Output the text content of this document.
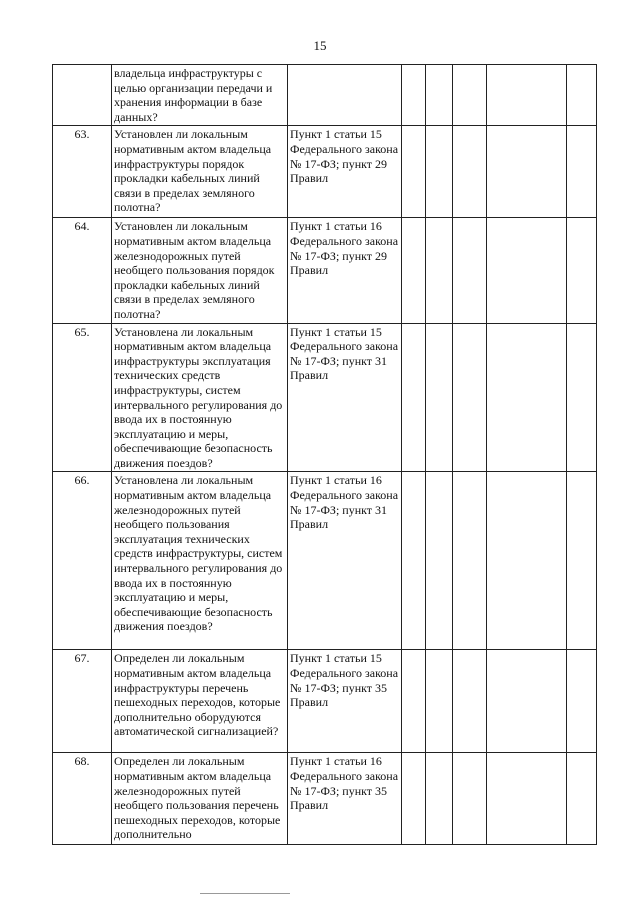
15
	владельца инфраструктуры с целью организации передачи и хранения информации в базе данных?						
63.	Установлен ли локальным нормативным актом владельца инфраструктуры порядок прокладки кабельных линий связи в пределах земляного полотна?	Пункт 1 статьи 15 Федерального закона № 17-ФЗ; пункт 29 Правил					
64.	Установлен ли локальным нормативным актом владельца железнодорожных путей необщего пользования порядок прокладки кабельных линий связи в пределах земляного полотна?	Пункт 1 статьи 16 Федерального закона № 17-ФЗ; пункт 29 Правил					
65.	Установлена ли локальным нормативным актом владельца инфраструктуры эксплуатация технических средств инфраструктуры, систем интервального регулирования до ввода их в постоянную эксплуатацию и меры, обеспечивающие безопасность движения поездов?	Пункт 1 статьи 15 Федерального закона № 17-ФЗ; пункт 31 Правил					
66.	Установлена ли локальным нормативным актом владельца железнодорожных путей необщего пользования эксплуатация технических средств инфраструктуры, систем интервального регулирования до ввода их в постоянную эксплуатацию и меры, обеспечивающие безопасность движения поездов?	Пункт 1 статьи 16 Федерального закона № 17-ФЗ; пункт 31 Правил					
67.	Определен ли локальным нормативным актом владельца инфраструктуры перечень пешеходных переходов, которые дополнительно оборудуются автоматической сигнализацией?	Пункт 1 статьи 15 Федерального закона № 17-ФЗ; пункт 35 Правил					
68.	Определен ли локальным нормативным актом владельца железнодорожных путей необщего пользования перечень пешеходных переходов, которые дополнительно	Пункт 1 статьи 16 Федерального закона № 17-ФЗ; пункт 35 Правил					
